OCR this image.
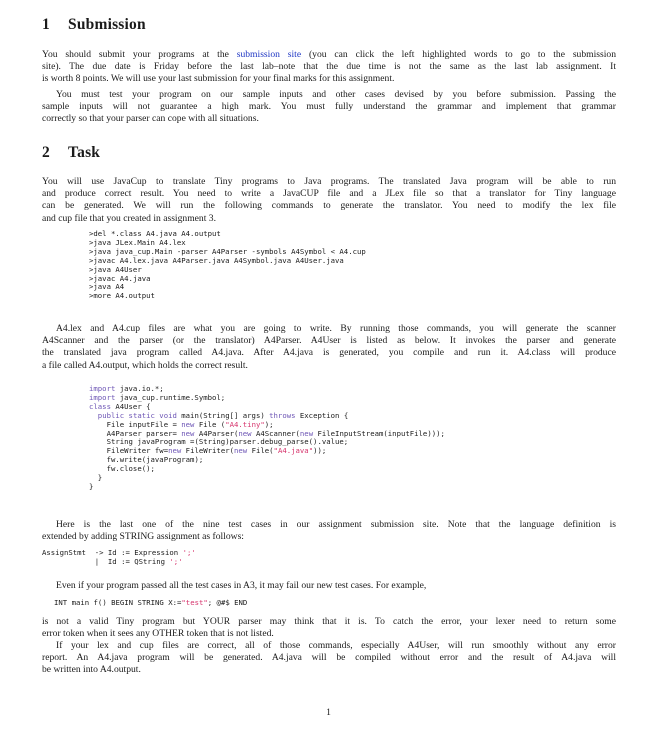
1 Submission
You should submit your programs at the submission site (you can click the left highlighted words to go to the submission
site). The due date is Friday before the last lab–note that the due time is not the same as the last lab assignment. It
is worth 8 points. We will use your last submission for your final marks for this assignment.
You must test your program on our sample inputs and other cases devised by you before submission. Passing the
sample inputs will not guarantee a high mark. You must fully understand the grammar and implement that grammar
correctly so that your parser can cope with all situations.
2 Task
You will use JavaCup to translate Tiny programs to Java programs. The translated Java program will be able to run
and produce correct result. You need to write a JavaCUP file and a JLex file so that a translator for Tiny language
can be generated. We will run the following commands to generate the translator. You need to modify the lex file
and cup file that you created in assignment 3.
>del *.class A4.java A4.output
>java JLex.Main A4.lex
>java java_cup.Main -parser A4Parser -symbols A4Symbol < A4.cup
>javac A4.lex.java A4Parser.java A4Symbol.java A4User.java
>java A4User
>javac A4.java
>java A4
>more A4.output
A4.lex and A4.cup files are what you are going to write. By running those commands, you will generate the scanner
A4Scanner and the parser (or the translator) A4Parser. A4User is listed as below. It invokes the parser and generate
the translated java program called A4.java. After A4.java is generated, you compile and run it. A4.class will produce
a file called A4.output, which holds the correct result.
import java.io.*;
import java_cup.runtime.Symbol;
class A4User {
public static void main(String[] args) throws Exception {
File inputFile = new File ("A4.tiny");
A4Parser parser= new A4Parser(new A4Scanner(new FileInputStream(inputFile)));
String javaProgram =(String)parser.debug_parse().value;
FileWriter fw=new FileWriter(new File("A4.java"));
fw.write(javaProgram);
fw.close();
}
}
Here is the last one of the nine test cases in our assignment submission site. Note that the language definition is
extended by adding STRING assignment as follows:
AssignStmt  -> Id := Expression ';'
|  Id := QString ';'
Even if your program passed all the test cases in A3, it may fail our new test cases. For example,
INT main f() BEGIN STRING X:="test"; @#$ END
is not a valid Tiny program but YOUR parser may think that it is. To catch the error, your lexer need to return some
error token when it sees any OTHER token that is not listed.
If your lex and cup files are correct, all of those commands, especially A4User, will run smoothly without any error
report. An A4.java program will be generated. A4.java will be compiled without error and the result of A4.java will
be written into A4.output.
1
